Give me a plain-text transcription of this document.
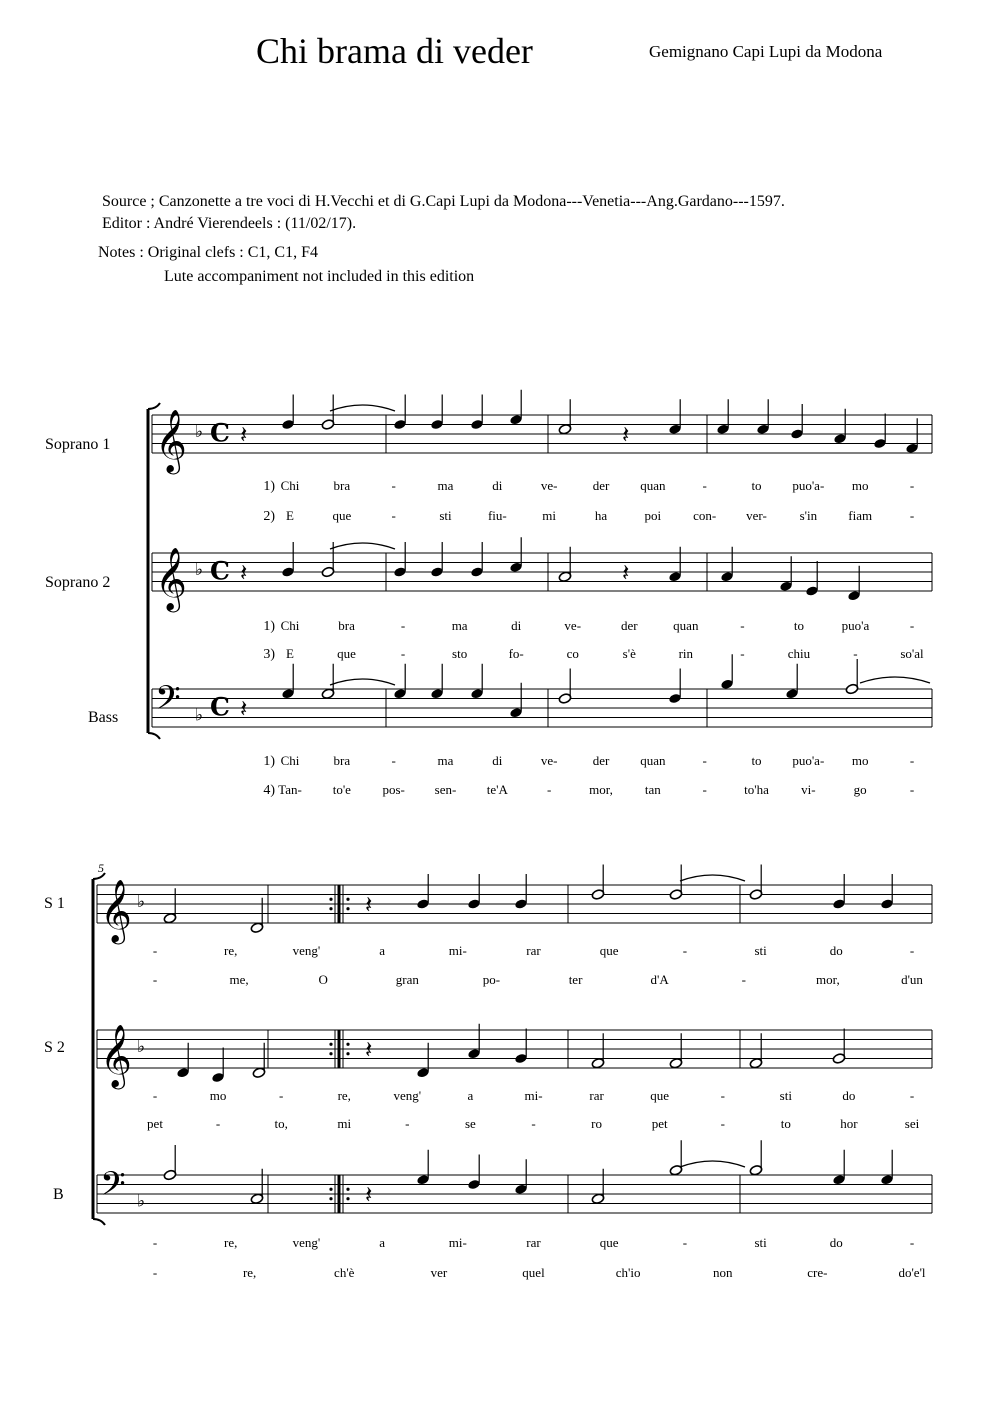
Chi brama di veder	Gemignano Capi Lupi da Modona
Source ; Canzonette a tre voci di H.Vecchi et di G.Capi Lupi da Modona---Venetia---Ang.Gardano---1597.
Editor : André Vierendeels : (11/02/17).
Notes : Original clefs : C1, C1, F4
Lute accompaniment not included in this edition
Soprano 1
Soprano 2
Bass
S 1
S 2
B
𝄞 ♭ C 𝄽
𝄞 ♭ C 𝄽
𝄢 ♭ C 𝄽
𝄽
𝄽
1) Chi	bra	-	ma	di	ve-	der quan	-	to puo'a- mo	-
2) E	que	-	sti	fiu-	mi	ha	poi con- ver-	s'in fiam	-
1) Chi	bra	-	ma	di	ve-	der	quan	-	to	puo'a	-
3) E	que	-	sto	fo-	co	s'è	rin	-	chiu	-	so'al
1) Chi	bra	-	ma	di	ve-	der quan	-	to puo'a- mo	-
4) Tan- to'e pos- sen- te'A	-	mor, tan	-	to'ha vi-	go	-
5
𝄞 ♭	𝄽
𝄞 ♭	𝄽
𝄢 ♭	𝄽
-	re,	veng'	a	mi-	rar	que	-	sti	do	-
-	me,	O	gran	po-	ter	d'A	-	mor,	d'un
-	mo	-	re,	veng'	a	mi-	rar	que	-	sti	do	-
pet	-	to,	mi	-	se	-	ro	pet	-	to	hor	sei
-	re,	veng'	a	mi-	rar	que	-	sti	do	-
-	re,	ch'è	ver	quel	ch'io	non	cre-	do'e'l
